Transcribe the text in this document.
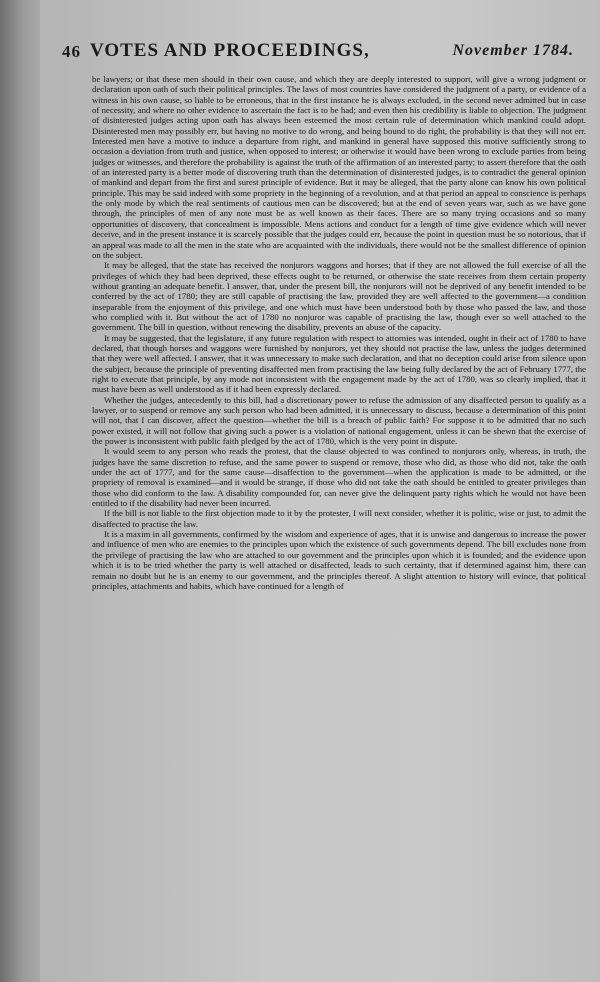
46 VOTES AND PROCEEDINGS,	November 1784.

be lawyers; or that these men should in their own cause, and which they are deeply interested to support, will give a wrong judgment or declaration upon oath of such their political principles. The laws of most countries have considered the judgment of a party, or evidence of a witness in his own cause, so liable to be erroneous, that in the first instance he is always excluded, in the second never admitted but in case of necessity, and where no other evidence to ascertain the fact is to be had; and even then his credibility is liable to objection. The judgment of disinterested judges acting upon oath has always been esteemed the most certain rule of determination which mankind could adopt. Disinterested men may possibly err, but having no motive to do wrong, and being bound to do right, the probability is that they will not err. Interested men have a motive to induce a departure from right, and mankind in general have supposed this motive sufficiently strong to occasion a deviation from truth and justice, when opposed to interest; or otherwise it would have been wrong to exclude parties from being judges or witnesses, and therefore the probability is against the truth of the affirmation of an interested party; to assert therefore that the oath of an interested party is a better mode of discovering truth than the determination of disinterested judges, is to contradict the general opinion of mankind and depart from the first and surest principle of evidence. But it may be alleged, that the party alone can know his own political principle. This may be said indeed with some propriety in the beginning of a revolution, and at that period an appeal to conscience is perhaps the only mode by which the real sentiments of cautious men can be discovered; but at the end of seven years war, such as we have gone through, the principles of men of any note must be as well known as their faces. There are so many trying occasions and so many opportunities of discovery, that concealment is impossible. Mens actions and conduct for a length of time give evidence which will never deceive, and in the present instance it is scarcely possible that the judges could err, because the point in question must be so notorious, that if an appeal was made to all the men in the state who are acquainted with the individuals, there would not be the smallest difference of opinion on the subject.

It may be alleged, that the state has received the nonjurors waggons and horses; that if they are not allowed the full exercise of all the privileges of which they had been deprived, these effects ought to be returned, or otherwise the state receives from them certain property without granting an adequate benefit. I answer, that, under the present bill, the nonjurors will not be deprived of any benefit intended to be conferred by the act of 1780; they are still capable of practising the law, provided they are well affected to the government—a condition inseparable from the enjoyment of this privilege, and one which must have been understood both by those who passed the law, and those who complied with it. But without the act of 1780 no nonjuror was capable of practising the law, though ever so well attached to the government. The bill in question, without renewing the disability, prevents an abuse of the capacity.

It may be suggested, that the legislature, if any future regulation with respect to attornies was intended, ought in their act of 1780 to have declared, that though horses and waggons were furnished by nonjurors, yet they should not practise the law, unless the judges determined that they were well affected. I answer, that it was unnecessary to make such declaration, and that no deception could arise from silence upon the subject, because the principle of preventing disaffected men from practising the law being fully declared by the act of February 1777, the right to execute that principle, by any mode not inconsistent with the engagement made by the act of 1780, was so clearly implied, that it must have been as well understood as if it had been expressly declared.

Whether the judges, antecedently to this bill, had a discretionary power to refuse the admission of any disaffected person to qualify as a lawyer, or to suspend or remove any such person who had been admitted, it is unnecessary to discuss, because a determination of this point will not, that I can discover, affect the question—whether the bill is a breach of public faith? For suppose it to be admitted that no such power existed, it will not follow that giving such a power is a violation of national engagement, unless it can be shewn that the exercise of the power is inconsistent with public faith pledged by the act of 1780, which is the very point in dispute.

It would seem to any person who reads the protest, that the clause objected to was confined to nonjurors only, whereas, in truth, the judges have the same discretion to refuse, and the same power to suspend or remove, those who did, as those who did not, take the oath under the act of 1777, and for the same cause—disaffection to the government—when the application is made to be admitted, or the propriety of removal is examined—and it would be strange, if those who did not take the oath should be entitled to greater privileges than those who did conform to the law. A disability compounded for, can never give the delinquent party rights which he would not have been entitled to if the disability had never been incurred.

If the bill is not liable to the first objection made to it by the protester, I will next consider, whether it is politic, wise or just, to admit the disaffected to practise the law.

It is a maxim in all governments, confirmed by the wisdom and experience of ages, that it is unwise and dangerous to increase the power and influence of men who are enemies to the principles upon which the existence of such governments depend. The bill excludes none from the privilege of practising the law who are attached to our government and the principles upon which it is founded; and the evidence upon which it is to be tried whether the party is well attached or disaffected, leads to such certainty, that if determined against him, there can remain no doubt but he is an enemy to our government, and the principles thereof. A slight attention to history will evince, that political principles, attachments and habits, which have continued for a length of
